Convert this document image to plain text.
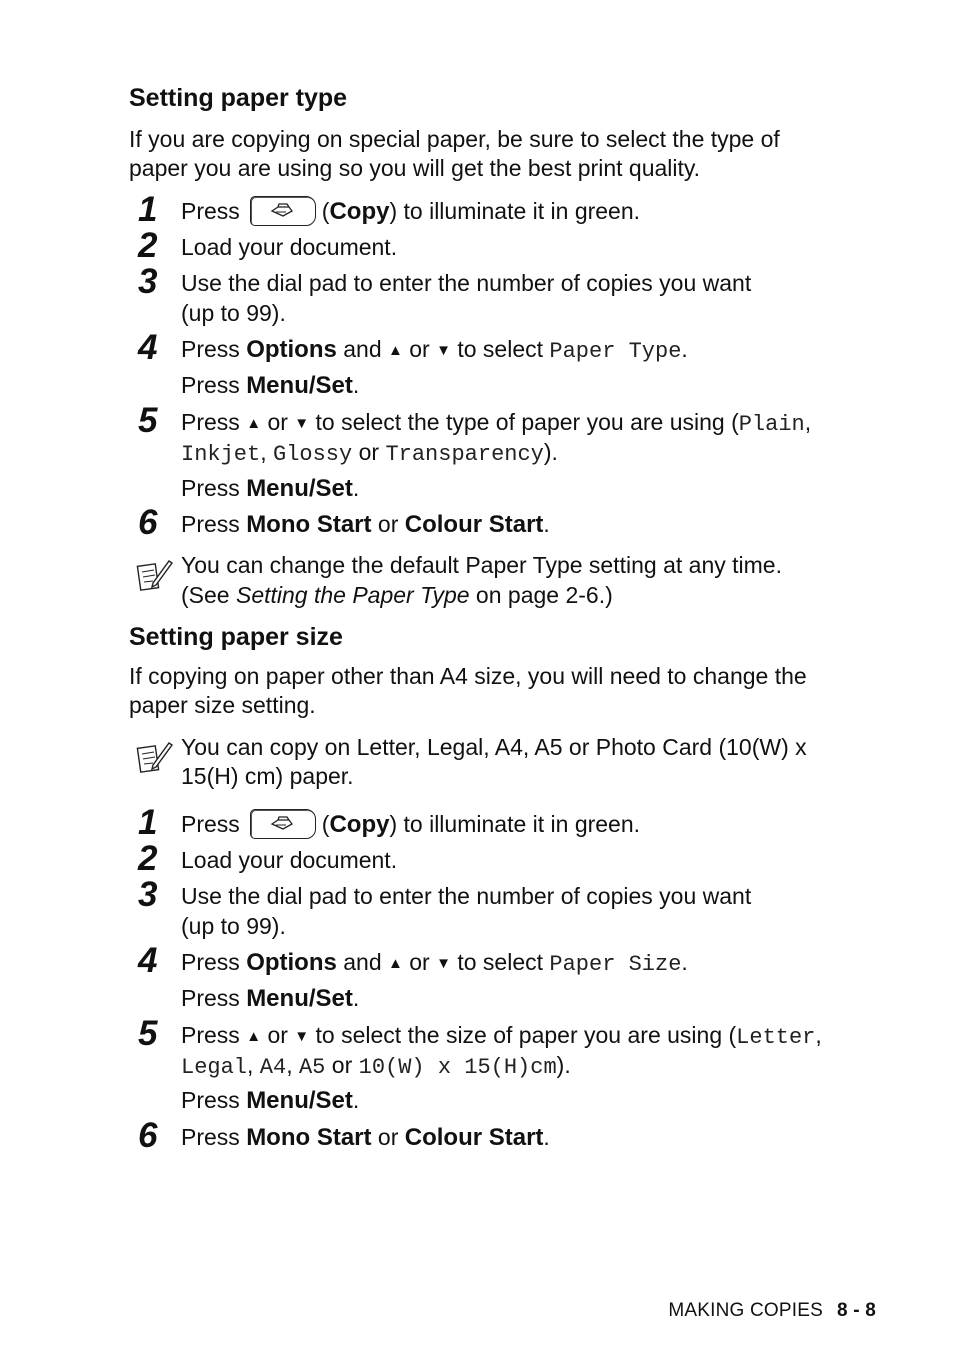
Setting paper type
If you are copying on special paper, be sure to select the type of
paper you are using so you will get the best print quality.
1 Press	(Copy) to illuminate it in green.
2 Load your document.
3 Use the dial pad to enter the number of copies you want
(up to 99).
4 Press Options and ▲ or ▼ to select Paper Type.
Press Menu/Set.
5 Press ▲ or ▼ to select the type of paper you are using (Plain,
Inkjet, Glossy or Transparency).
Press Menu/Set.
6 Press Mono Start or Colour Start.
You can change the default Paper Type setting at any time.
(See Setting the Paper Type on page 2-6.)
Setting paper size
If copying on paper other than A4 size, you will need to change the
paper size setting.
You can copy on Letter, Legal, A4, A5 or Photo Card (10(W) x
15(H) cm) paper.
1 Press	(Copy) to illuminate it in green.
2 Load your document.
3 Use the dial pad to enter the number of copies you want
(up to 99).
4 Press Options and ▲ or ▼ to select Paper Size.
Press Menu/Set.
5 Press ▲ or ▼ to select the size of paper you are using (Letter,
Legal, A4, A5 or 10(W) x 15(H)cm).
Press Menu/Set.
6 Press Mono Start or Colour Start.
MAKING COPIES 8 - 8
